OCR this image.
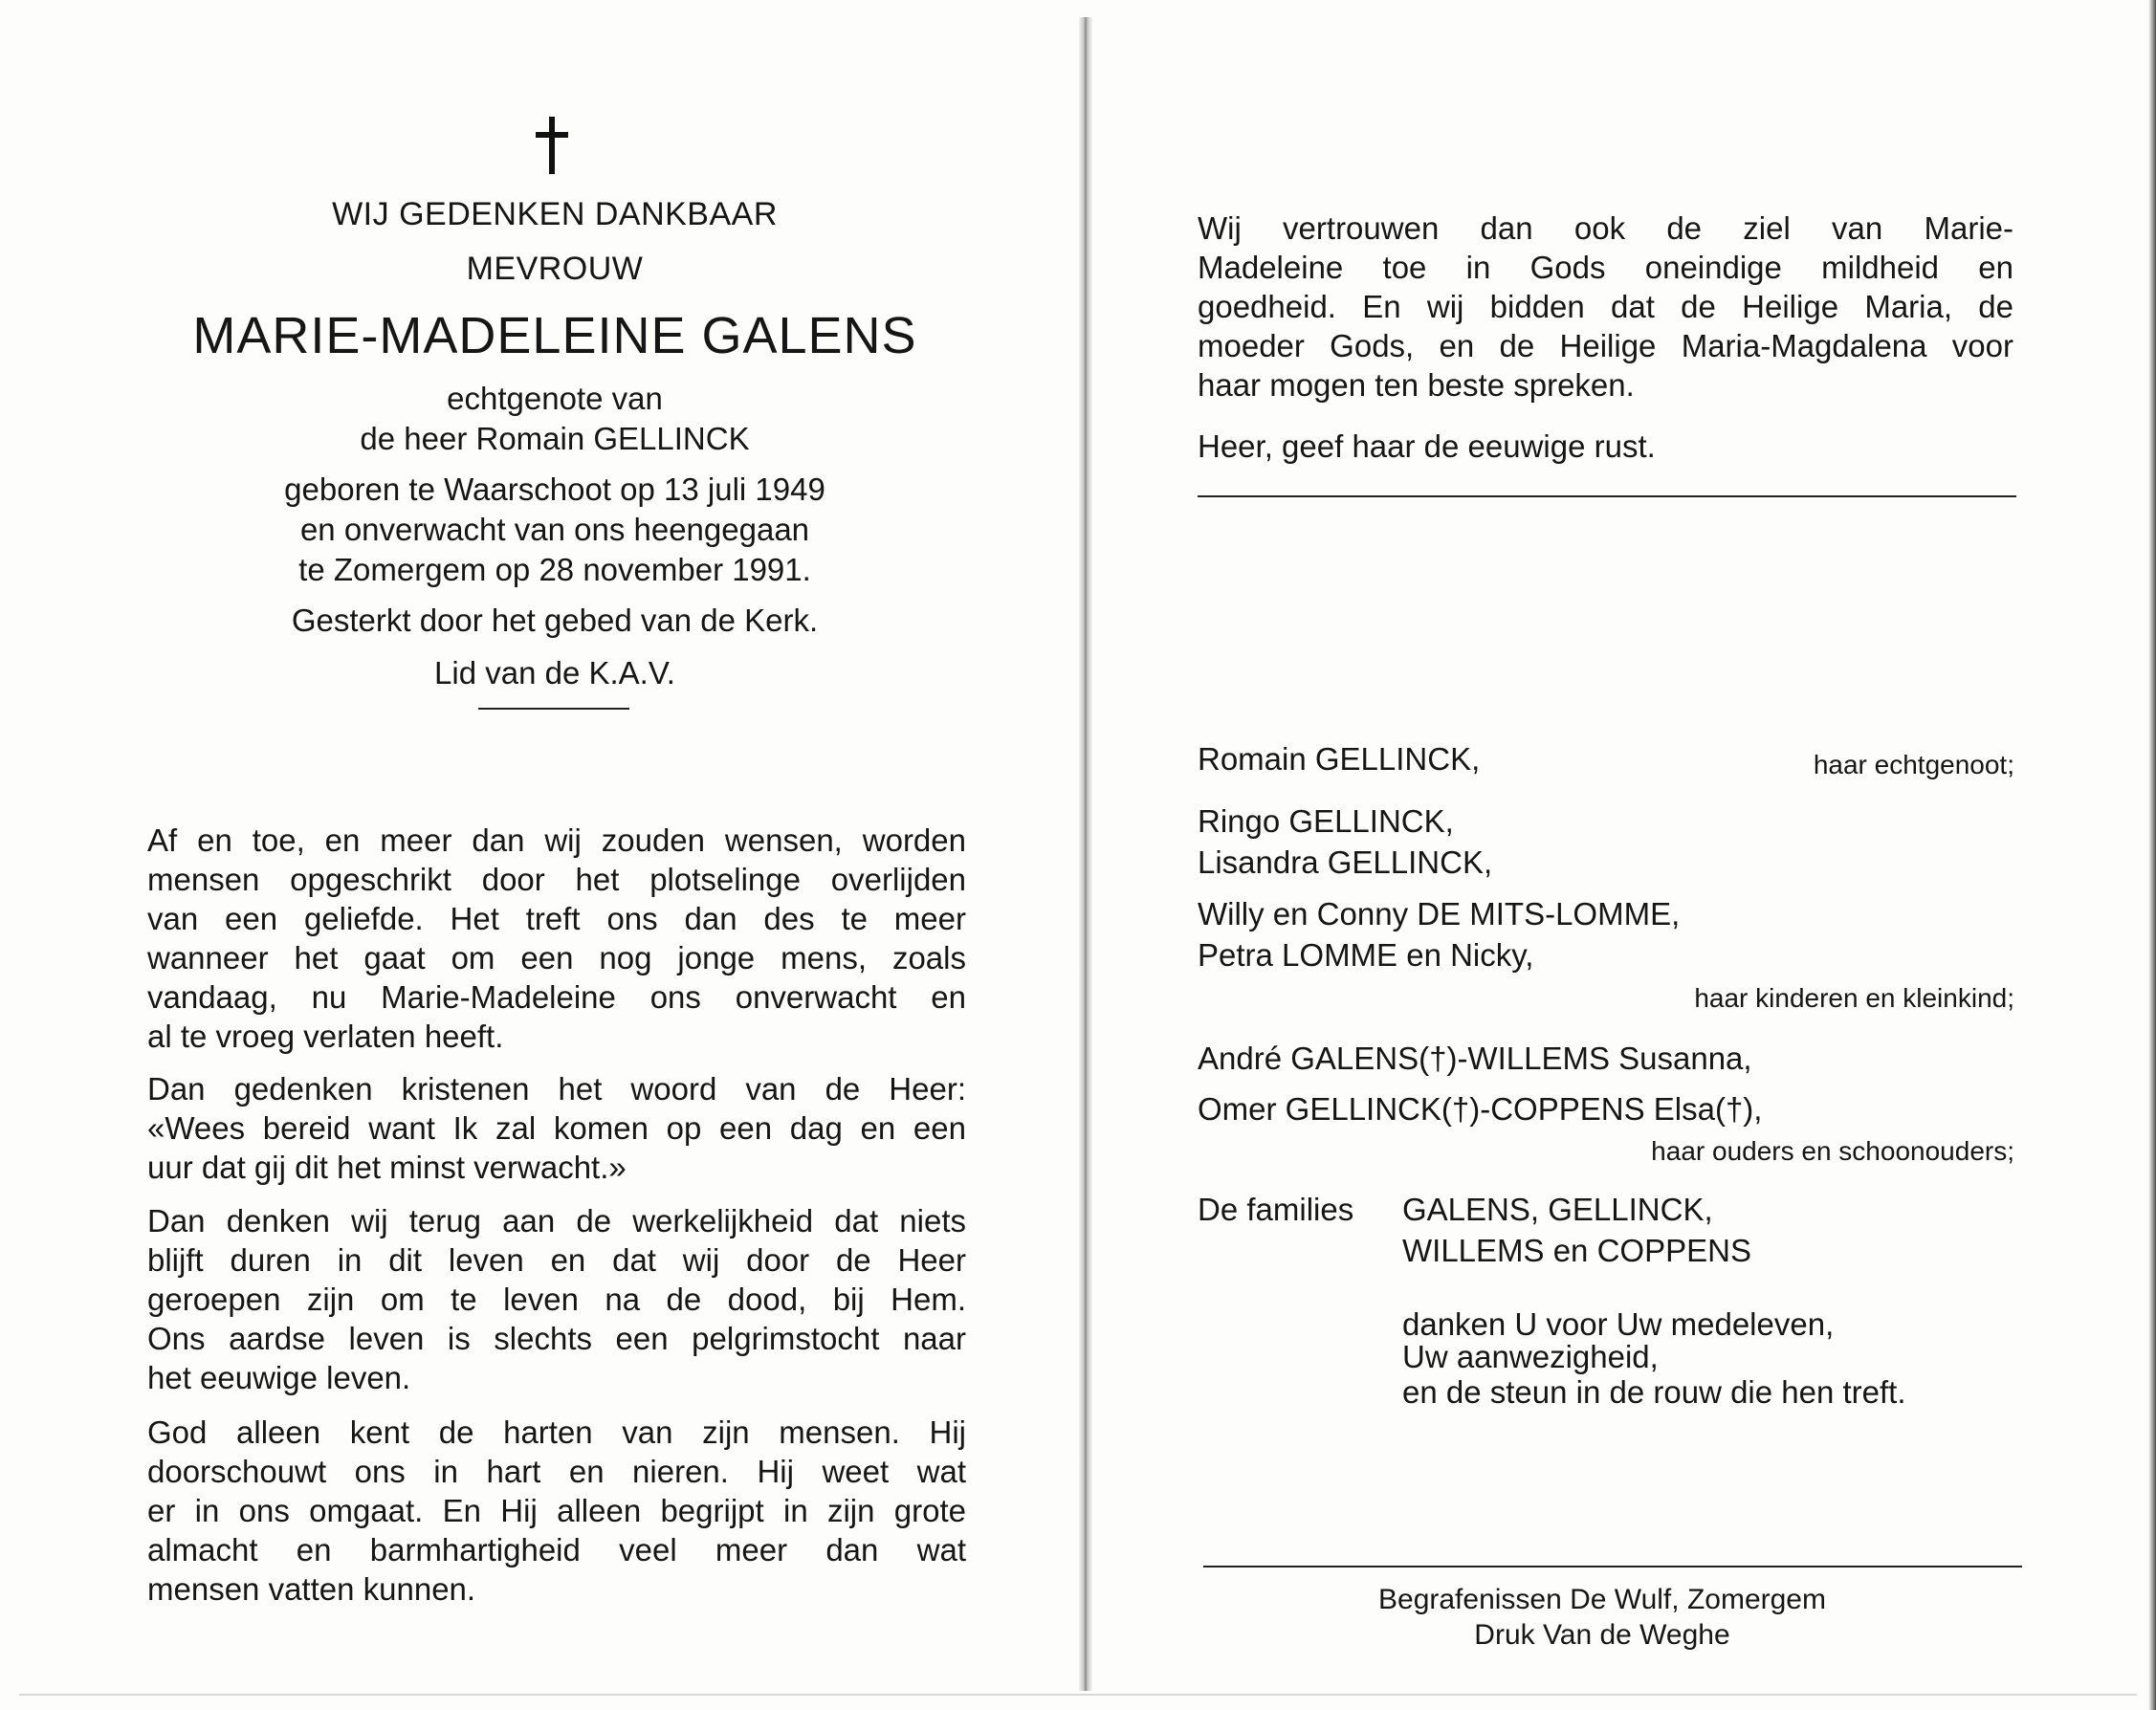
WIJ GEDENKEN DANKBAAR
MEVROUW
MARIE-MADELEINE GALENS
echtgenote van
de heer Romain GELLINCK
geboren te Waarschoot op 13 juli 1949
en onverwacht van ons heengegaan
te Zomergem op 28 november 1991.
Gesterkt door het gebed van de Kerk.
Lid van de K.A.V.
Af en toe, en meer dan wij zouden wensen, worden
mensen opgeschrikt door het plotselinge overlijden
van een geliefde. Het treft ons dan des te meer
wanneer het gaat om een nog jonge mens, zoals
vandaag, nu Marie-Madeleine ons onverwacht en
al te vroeg verlaten heeft.
Dan gedenken kristenen het woord van de Heer:
«Wees bereid want Ik zal komen op een dag en een
uur dat gij dit het minst verwacht.»
Dan denken wij terug aan de werkelijkheid dat niets
blijft duren in dit leven en dat wij door de Heer
geroepen zijn om te leven na de dood, bij Hem.
Ons aardse leven is slechts een pelgrimstocht naar
het eeuwige leven.
God alleen kent de harten van zijn mensen. Hij
doorschouwt ons in hart en nieren. Hij weet wat
er in ons omgaat. En Hij alleen begrijpt in zijn grote
almacht en barmhartigheid veel meer dan wat
mensen vatten kunnen.
Wij vertrouwen dan ook de ziel van Marie-
Madeleine toe in Gods oneindige mildheid en
goedheid. En wij bidden dat de Heilige Maria, de
moeder Gods, en de Heilige Maria-Magdalena voor
haar mogen ten beste spreken.
Heer, geef haar de eeuwige rust.
Romain GELLINCK,	haar echtgenoot;
Ringo GELLINCK,
Lisandra GELLINCK,
Willy en Conny DE MITS-LOMME,
Petra LOMME en Nicky,
haar kinderen en kleinkind;
André GALENS(†)-WILLEMS Susanna,
Omer GELLINCK(†)-COPPENS Elsa(†),
haar ouders en schoonouders;
De families GALENS, GELLINCK,
WILLEMS en COPPENS
danken U voor Uw medeleven,
Uw aanwezigheid,
en de steun in de rouw die hen treft.
Begrafenissen De Wulf, Zomergem
Druk Van de Weghe
